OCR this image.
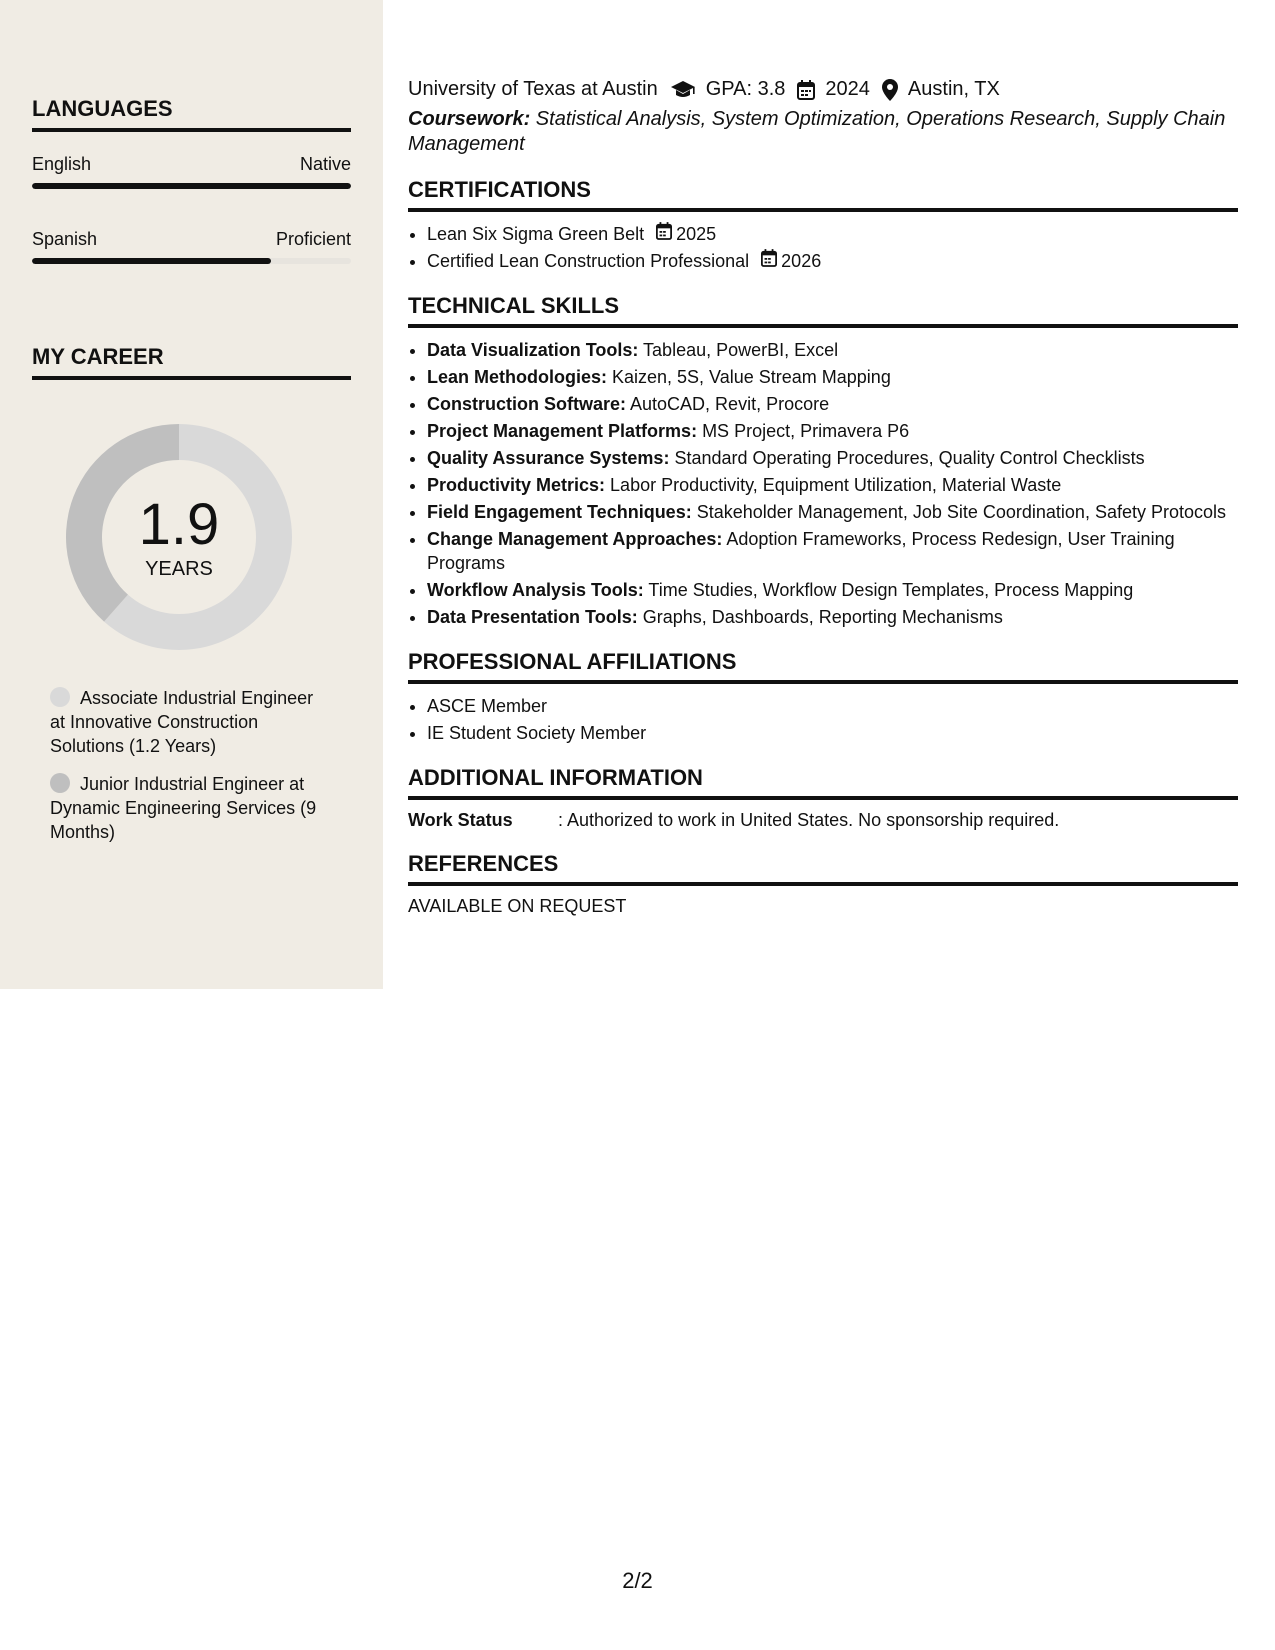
LANGUAGES
English	Native
Spanish	Proficient
MY CAREER
1.9
YEARS
Associate Industrial Engineer at Innovative Construction Solutions (1.2 Years)
Junior Industrial Engineer at Dynamic Engineering Services (9 Months)
University of Texas at Austin GPA: 3.8 2024 Austin, TX
Coursework: Statistical Analysis, System Optimization, Operations Research, Supply Chain Management
CERTIFICATIONS
• Lean Six Sigma Green Belt 2025
• Certified Lean Construction Professional 2026
TECHNICAL SKILLS
• Data Visualization Tools: Tableau, PowerBI, Excel
• Lean Methodologies: Kaizen, 5S, Value Stream Mapping
• Construction Software: AutoCAD, Revit, Procore
• Project Management Platforms: MS Project, Primavera P6
• Quality Assurance Systems: Standard Operating Procedures, Quality Control Checklists
• Productivity Metrics: Labor Productivity, Equipment Utilization, Material Waste
• Field Engagement Techniques: Stakeholder Management, Job Site Coordination, Safety Protocols
• Change Management Approaches: Adoption Frameworks, Process Redesign, User Training Programs
• Workflow Analysis Tools: Time Studies, Workflow Design Templates, Process Mapping
• Data Presentation Tools: Graphs, Dashboards, Reporting Mechanisms
PROFESSIONAL AFFILIATIONS
• ASCE Member
• IE Student Society Member
ADDITIONAL INFORMATION
Work Status	: Authorized to work in United States. No sponsorship required.
REFERENCES
AVAILABLE ON REQUEST
2/2
